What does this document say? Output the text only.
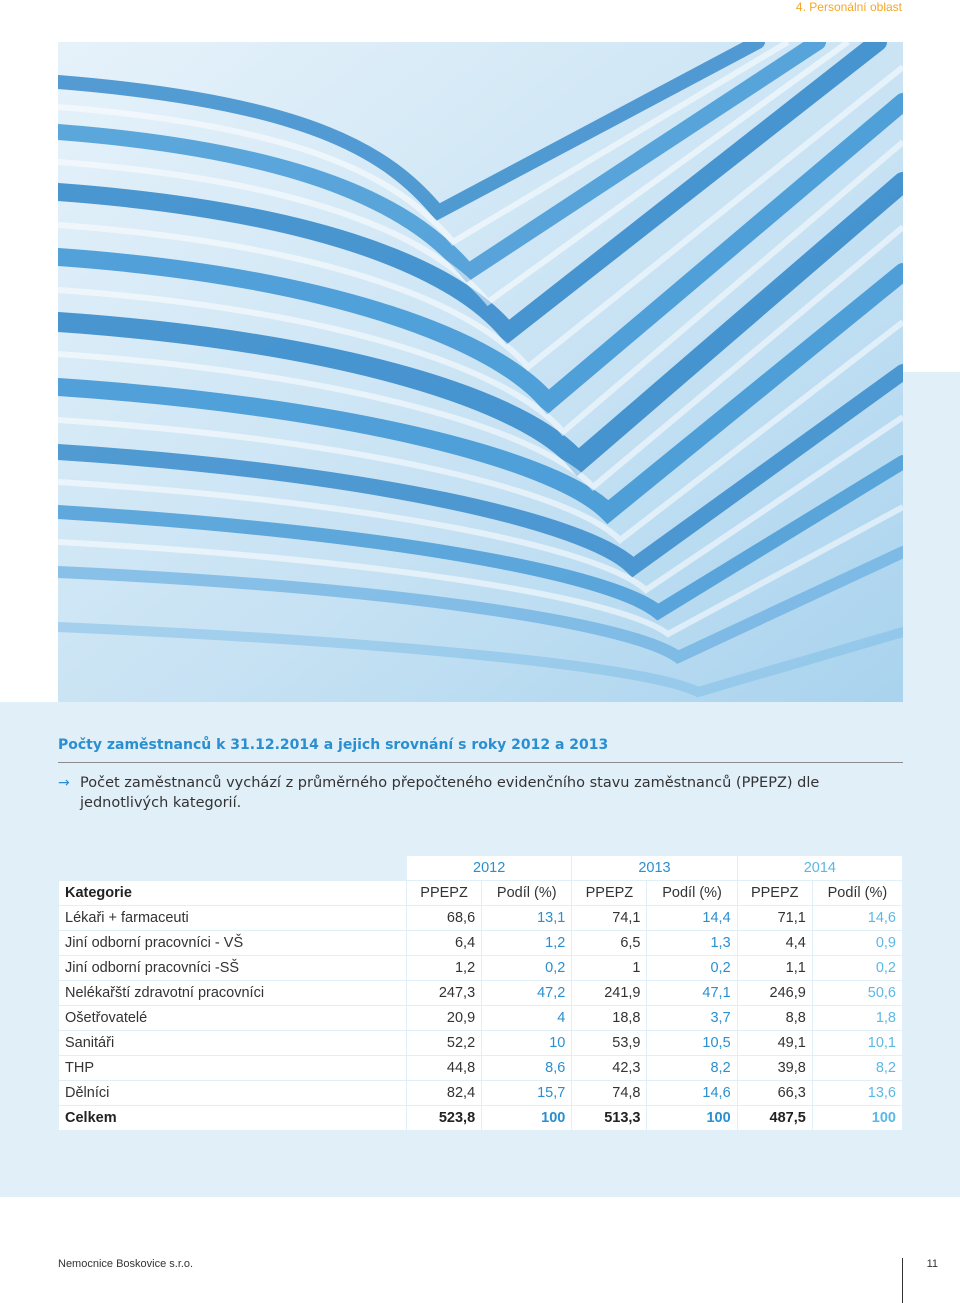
4. Personální oblast
Počty zaměstnanců k 31.12.2014 a jejich srovnání s roky 2012 a 2013
→ Počet zaměstnanců vychází z průměrného přepočteného evidenčního stavu zaměstnanců (PPEPZ) dle jednotlivých kategorií.
	2012		2013		2014	
Kategorie	PPEPZ	Podíl (%)	PPEPZ	Podíl (%)	PPEPZ	Podíl (%)
Lékaři + farmaceuti	68,6	13,1	74,1	14,4	71,1	14,6
Jiní odborní pracovníci - VŠ	6,4	1,2	6,5	1,3	4,4	0,9
Jiní odborní pracovníci -SŠ	1,2	0,2	1	0,2	1,1	0,2
Nelékařští zdravotní pracovníci	247,3	47,2	241,9	47,1	246,9	50,6
Ošetřovatelé	20,9	4	18,8	3,7	8,8	1,8
Sanitáři	52,2	10	53,9	10,5	49,1	10,1
THP	44,8	8,6	42,3	8,2	39,8	8,2
Dělníci	82,4	15,7	74,8	14,6	66,3	13,6
Celkem	523,8	100	513,3	100	487,5	100
Nemocnice Boskovice s.r.o.	11
